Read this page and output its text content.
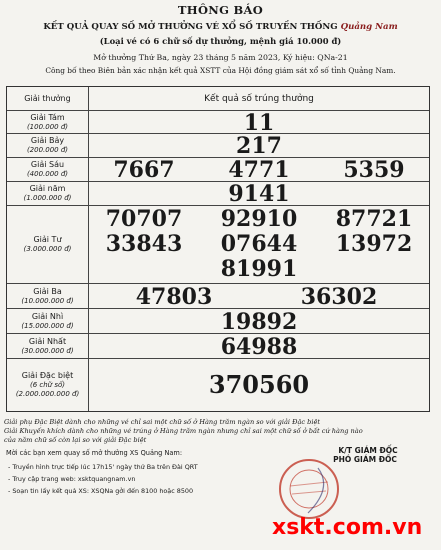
THÔNG BÁO
KẾT QUẢ QUAY SỐ MỞ THƯỞNG VÉ XỔ SỐ TRUYỀN THỐNG Quảng Nam
(Loại vé có 6 chữ số dự thưởng, mệnh giá 10.000 đ)
Mở thưởng Thứ Ba, ngày 23 tháng 5 năm 2023, Ký hiệu: QNa-21
Công bố theo Biên bản xác nhận kết quả XSTT của Hội đồng giám sát xổ số tỉnh Quảng Nam.
Giải thưởng	Kết quả số trúng thưởng
Giải Tám
(100.000 đ)	11
Giải Bảy
(200.000 đ)	217
Giải Sáu
(400.000 đ)	7667	4771	5359
Giải năm
(1.000.000 đ)	9141
Giải Tư
(3.000.000 đ)
70707	92910	87721
33843	07644	13972
81991
Giải Ba
(10.000.000 đ)	47803	36302
Giải Nhì
(15.000.000 đ)	19892
Giải Nhất
(30.000.000 đ)	64988
Giải Đặc biệt
(6 chữ số)
(2.000.000.000 đ)	370560
Giải phụ Đặc Biệt dành cho những vé chỉ sai một chữ số ở Hàng trăm ngàn so với giải Đặc biệt
Giải Khuyến khích dành cho những vé trúng ở Hàng trăm ngàn nhưng chỉ sai một chữ số ở bất cứ hàng nào
của năm chữ số còn lại so với giải Đặc biệt
Mời các bạn xem quay số mở thưởng XS Quảng Nam:
- Truyền hình trực tiếp lúc 17h15' ngày thứ Ba trên Đài QRT
- Truy cập trang web: xsktquangnam.vn
- Soạn tin lấy kết quả XS: XSQNa gởi đến 8100 hoặc 8500
K/T GIÁM ĐỐC
PHÓ GIÁM ĐỐC
xskt.com.vn
